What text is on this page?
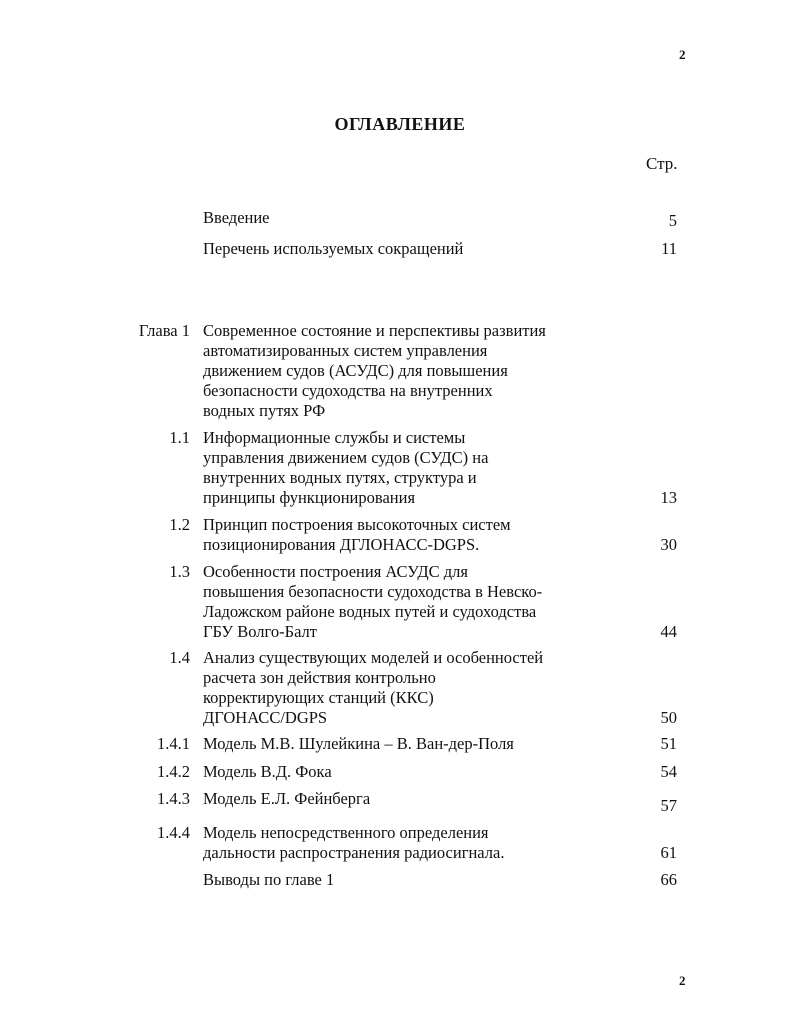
2
ОГЛАВЛЕНИЕ
Стр.
Введение	5
Перечень используемых сокращений	11
Глава 1 Современное состояние и перспективы развития
автоматизированных систем управления
движением судов (АСУДС) для повышения
безопасности судоходства на внутренних
водных путях РФ
1.1 Информационные службы и системы
управления движением судов (СУДС) на
внутренних водных путях, структура и
принципы функционирования	13
1.2 Принцип построения высокоточных систем
позиционирования ДГЛОНАСС-DGPS.	30
1.3 Особенности построения АСУДС для
повышения безопасности судоходства в Невско-
Ладожском районе водных путей и судоходства
ГБУ Волго-Балт	44
1.4 Анализ существующих моделей и особенностей
расчета зон действия контрольно
корректирующих станций (ККС)
ДГОНАСС/DGPS	50
1.4.1 Модель М.В. Шулейкина – В. Ван-дер-Поля	51
1.4.2 Модель В.Д. Фока	54
1.4.3 Модель Е.Л. Фейнберга	57
1.4.4 Модель непосредственного определения
дальности распространения радиосигнала.	61
Выводы по главе 1	66
2
